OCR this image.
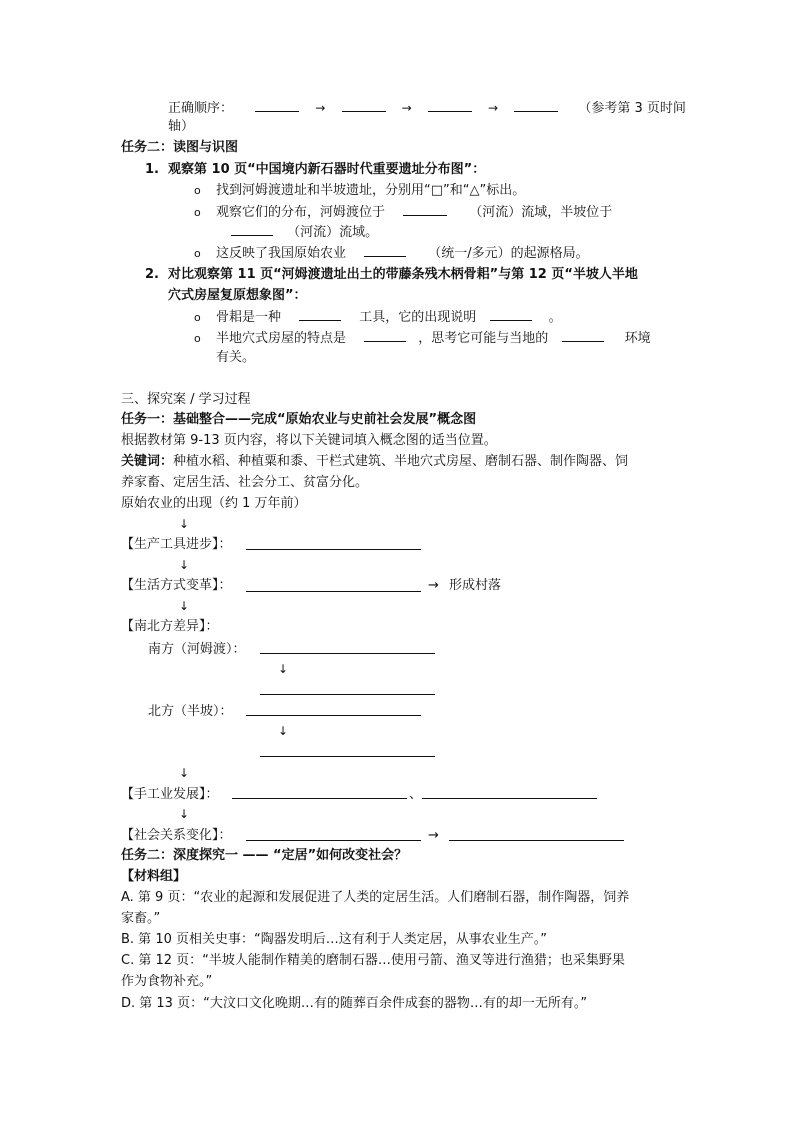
正确顺序：	→	→	→	（参考第 3 页时间
轴）
任务二：读图与识图
1. 观察第 10 页“中国境内新石器时代重要遗址分布图”：
o 找到河姆渡遗址和半坡遗址，分别用“□”和“△”标出。
o 观察它们的分布，河姆渡位于	（河流）流域，半坡位于
（河流）流域。
o 这反映了我国原始农业	（统一/多元）的起源格局。
2. 对比观察第 11 页“河姆渡遗址出土的带藤条残木柄骨耜”与第 12 页“半坡人半地
穴式房屋复原想象图”：
o 骨耜是一种	工具，它的出现说明	。
o 半地穴式房屋的特点是	，思考它可能与当地的	环境
有关。
三、探究案 / 学习过程
任务一：基础整合——完成“原始农业与史前社会发展”概念图
根据教材第 9-13 页内容，将以下关键词填入概念图的适当位置。
关键词：种植水稻、种植粟和黍、干栏式建筑、半地穴式房屋、磨制石器、制作陶器、饲
养家畜、定居生活、社会分工、贫富分化。
原始农业的出现（约 1 万年前）
↓
【生产工具进步】：
↓
【生活方式变革】：	→ 形成村落
↓
【南北方差异】：
南方（河姆渡）：
↓
北方（半坡）：
↓
↓
【手工业发展】：	、
↓
【社会关系变化】：	→
任务二：深度探究一 —— “定居”如何改变社会？
【材料组】
A. 第 9 页：“农业的起源和发展促进了人类的定居生活。人们磨制石器，制作陶器，饲养
家畜。”
B. 第 10 页相关史事：“陶器发明后…这有利于人类定居，从事农业生产。”
C. 第 12 页：“半坡人能制作精美的磨制石器…使用弓箭、渔叉等进行渔猎；也采集野果
作为食物补充。”
D. 第 13 页：“大汶口文化晚期…有的随葬百余件成套的器物…有的却一无所有。”
